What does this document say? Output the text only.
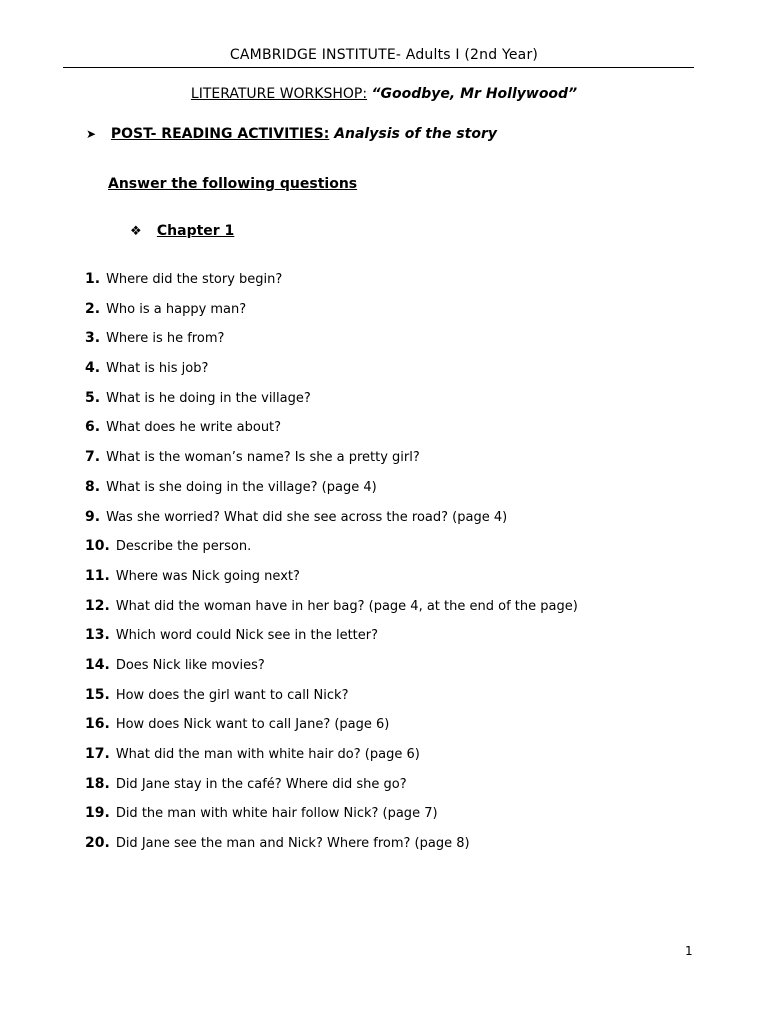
CAMBRIDGE INSTITUTE- Adults I (2nd Year)
LITERATURE WORKSHOP: “Goodbye, Mr Hollywood”
➤ POST- READING ACTIVITIES: Analysis of the story
Answer the following questions
❖ Chapter 1
1. Where did the story begin?
2. Who is a happy man?
3. Where is he from?
4. What is his job?
5. What is he doing in the village?
6. What does he write about?
7. What is the woman’s name? Is she a pretty girl?
8. What is she doing in the village? (page 4)
9. Was she worried? What did she see across the road? (page 4)
10. Describe the person.
11. Where was Nick going next?
12. What did the woman have in her bag? (page 4, at the end of the page)
13. Which word could Nick see in the letter?
14. Does Nick like movies?
15. How does the girl want to call Nick?
16. How does Nick want to call Jane? (page 6)
17. What did the man with white hair do? (page 6)
18. Did Jane stay in the café? Where did she go?
19. Did the man with white hair follow Nick? (page 7)
20. Did Jane see the man and Nick? Where from? (page 8)
1
